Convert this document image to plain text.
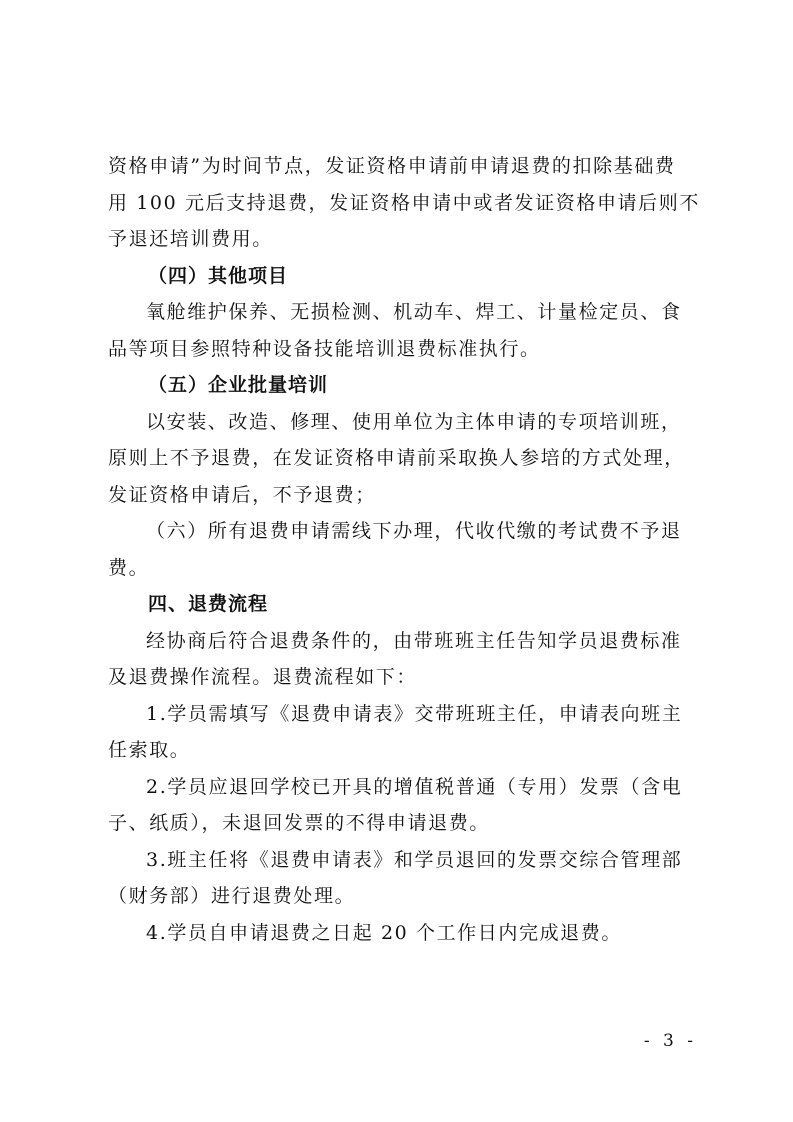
资格申请”为时间节点，发证资格申请前申请退费的扣除基础费

用 100 元后支持退费，发证资格申请中或者发证资格申请后则不

予退还培训费用。

（四）其他项目

氧舱维护保养、无损检测、机动车、焊工、计量检定员、食

品等项目参照特种设备技能培训退费标准执行。

（五）企业批量培训

以安装、改造、修理、使用单位为主体申请的专项培训班，

原则上不予退费，在发证资格申请前采取换人参培的方式处理，

发证资格申请后，不予退费；

（六）所有退费申请需线下办理，代收代缴的考试费不予退

费。

四、退费流程

经协商后符合退费条件的，由带班班主任告知学员退费标准

及退费操作流程。退费流程如下：

1.学员需填写《退费申请表》交带班班主任，申请表向班主

任索取。

2.学员应退回学校已开具的增值税普通（专用）发票（含电

子、纸质），未退回发票的不得申请退费。

3.班主任将《退费申请表》和学员退回的发票交综合管理部

（财务部）进行退费处理。

4.学员自申请退费之日起 20 个工作日内完成退费。

- 3 -
